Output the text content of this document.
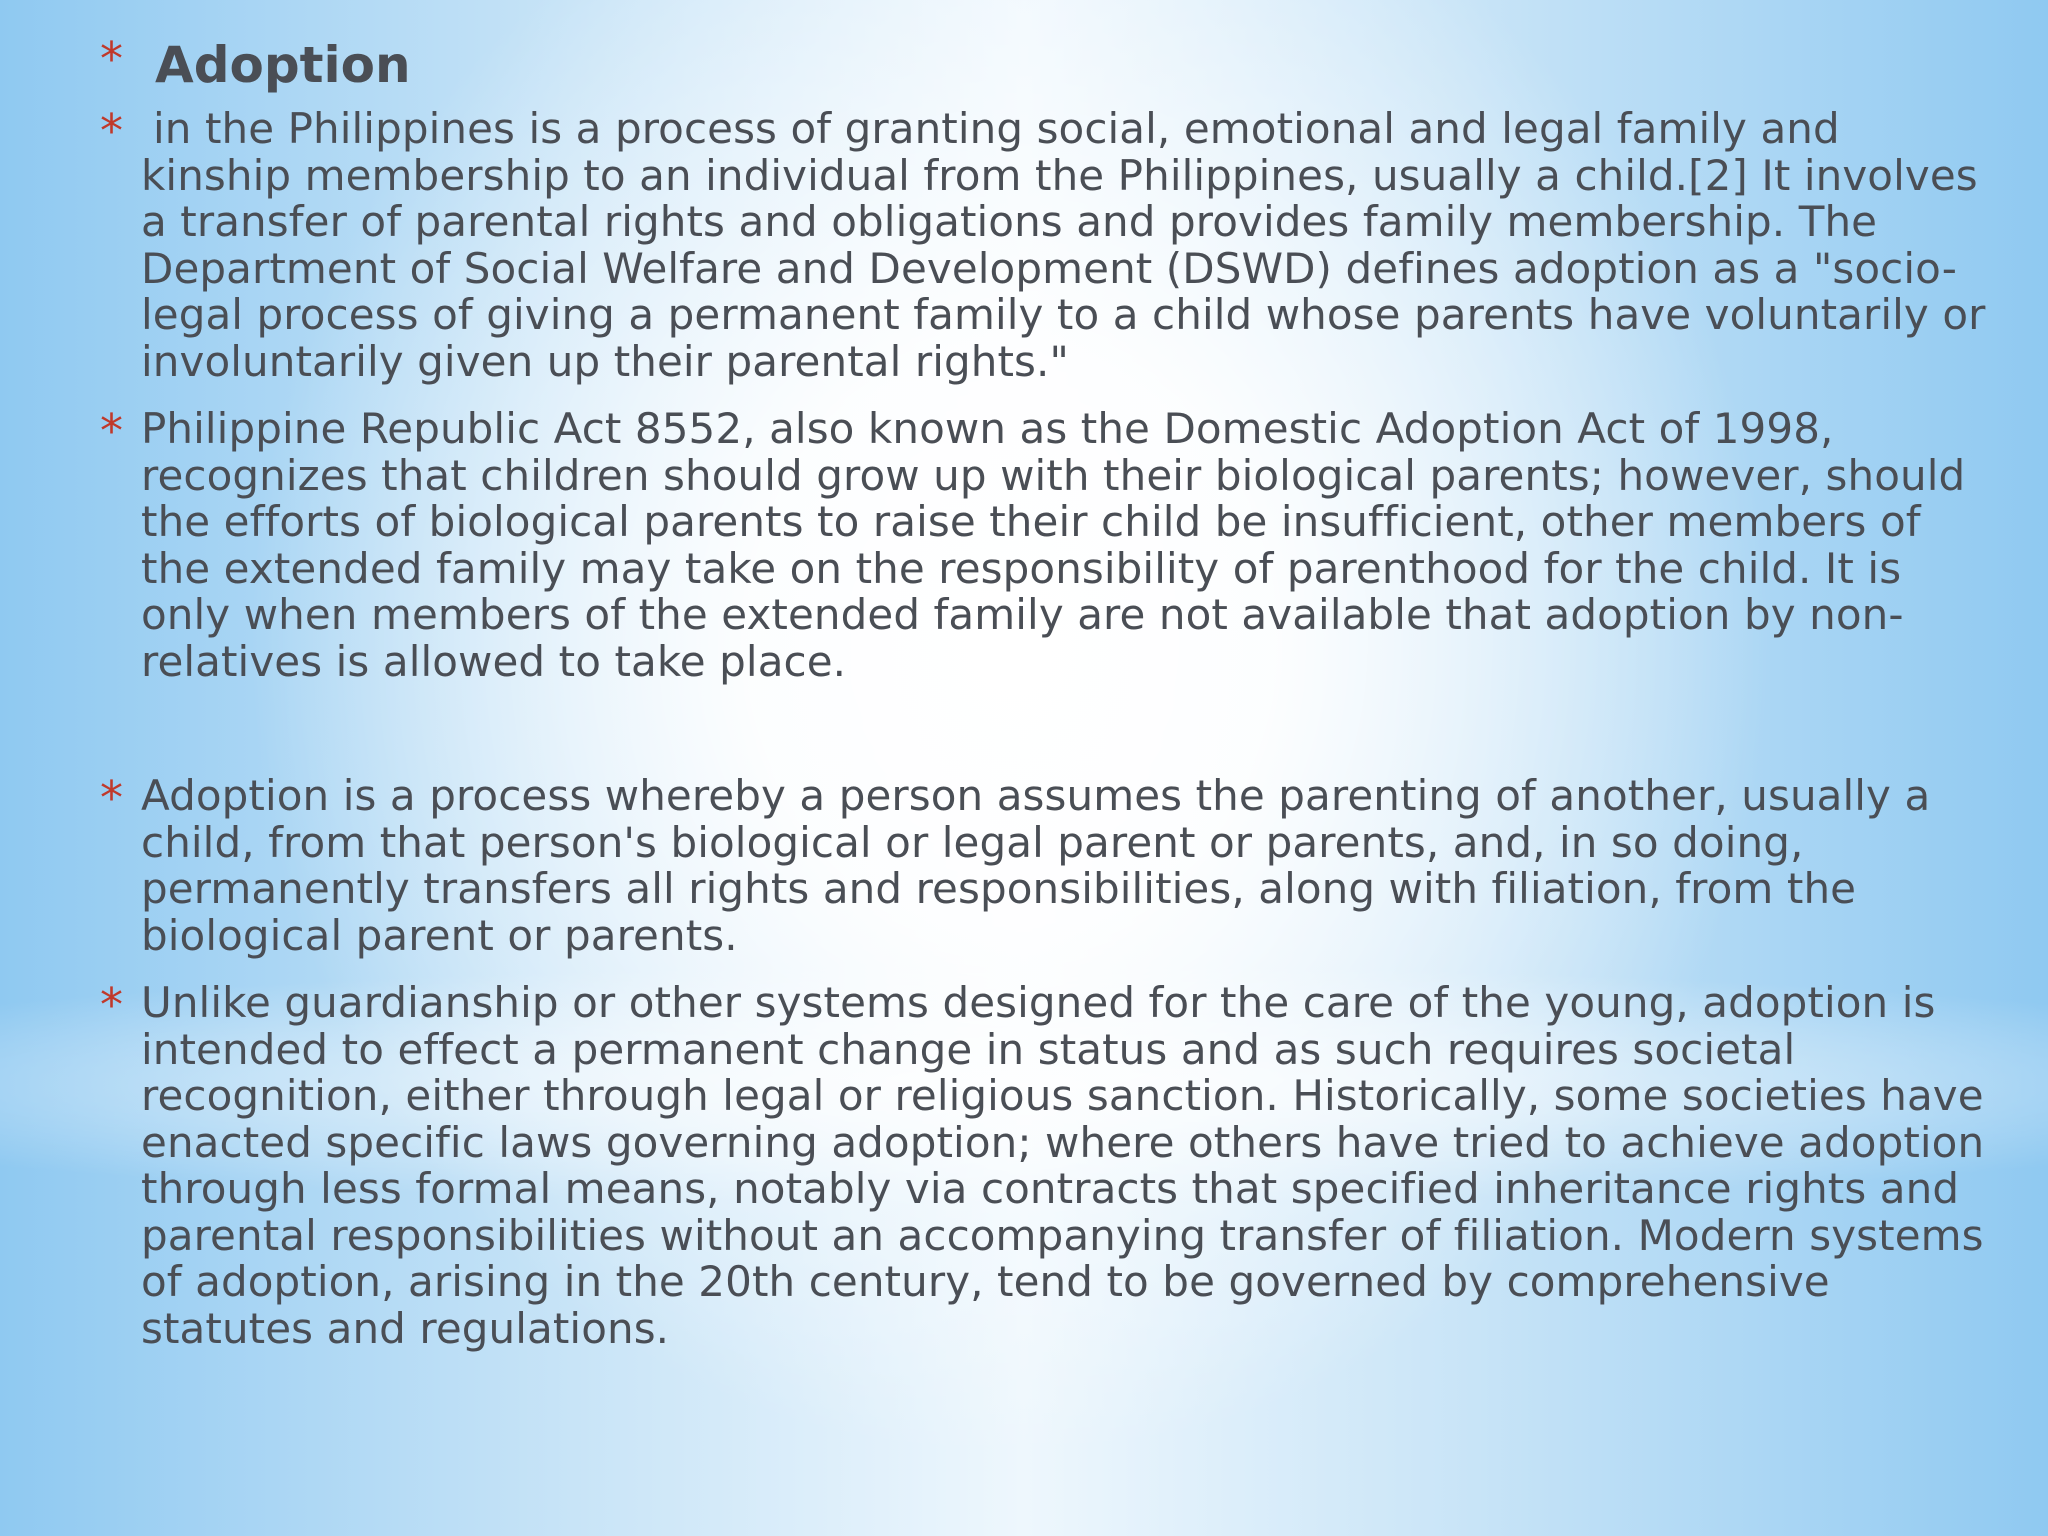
* Adoption
* in the Philippines is a process of granting social, emotional and legal family and kinship membership to an individual from the Philippines, usually a child.[2] It involves a transfer of parental rights and obligations and provides family membership. The Department of Social Welfare and Development (DSWD) defines adoption as a "socio-legal process of giving a permanent family to a child whose parents have voluntarily or involuntarily given up their parental rights."
* Philippine Republic Act 8552, also known as the Domestic Adoption Act of 1998, recognizes that children should grow up with their biological parents; however, should the efforts of biological parents to raise their child be insufficient, other members of the extended family may take on the responsibility of parenthood for the child. It is only when members of the extended family are not available that adoption by non-relatives is allowed to take place.
* Adoption is a process whereby a person assumes the parenting of another, usually a child, from that person's biological or legal parent or parents, and, in so doing, permanently transfers all rights and responsibilities, along with filiation, from the biological parent or parents.
* Unlike guardianship or other systems designed for the care of the young, adoption is intended to effect a permanent change in status and as such requires societal recognition, either through legal or religious sanction. Historically, some societies have enacted specific laws governing adoption; where others have tried to achieve adoption through less formal means, notably via contracts that specified inheritance rights and parental responsibilities without an accompanying transfer of filiation. Modern systems of adoption, arising in the 20th century, tend to be governed by comprehensive statutes and regulations.
